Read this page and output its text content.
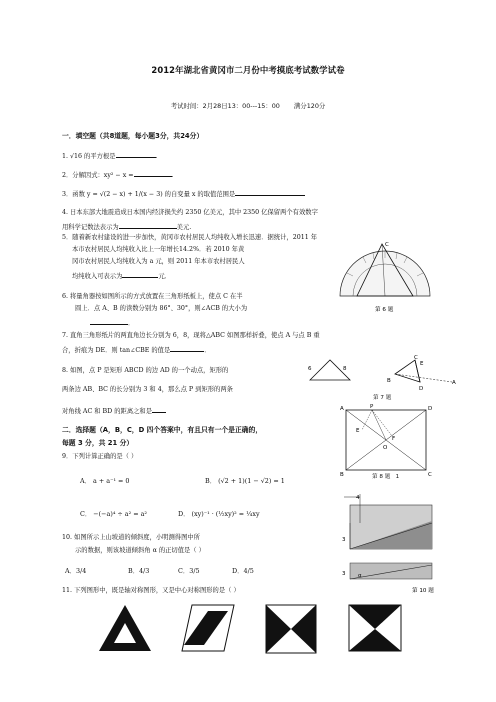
2012年湖北省黄冈市二月份中考摸底考试数学试卷
考试时间：2月28日13：00---15：00 满分120分
一．填空题（共8道题，每小题3分，共24分）
1. √16 的平方根是	.
2．分解因式：xy² − x =	.
3．函数 y = √(2 − x) + 1/(x − 3) 的自变量 x 的取值范围是
4. 日本东部大地震造成日本国内经济损失约 2350 亿美元，其中 2350 亿保留两个有效数字
用科学记数法表示为	美元.
5．随着新农村建设的进一步加快，黄冈市农村居民人均纯收入增长迅速．据统计，2011 年
本市农村居民人均纯收入比上一年增长14.2%．若 2010 年黄
冈市农村居民人均纯收入为 a 元，则 2011 年本市农村居民人
均纯收入可表示为	元．
C
第 6 题
6. 将量角器按如图所示的方式放置在三角形纸板上，使点 C 在半
圆上．点 A、B 的读数分别为 86°、30°，则∠ACB 的大小为
．
7. 直角三角形纸片的两直角边长分别为 6，8，现将△ABC 如图那样折叠，使点 A 与点 B 重
合，折痕为 DE．则 tan∠CBE 的值是	．
6	8
C
E
B
D
A
第 7 题
8. 如图，点 P 是矩形 ABCD 的边 AD 的一个动点，矩形的
两条边 AB、BC 的长分别为 3 和 4，那么点 P 到矩形的两条
对角线 AC 和 BD 的距离之和是	A	P	D
E
F
O
B	C
第 8 题 1
二．选择题（A，B，C，D 四个答案中，有且只有一个是正确的，
每题 3 分，共 21 分）
9．下列计算正确的是（ ）
A． a + a⁻¹ = 0	B． (√2 + 1)(1 − √2) = 1
C． −(−a)⁴ ÷ a² = a²	D． (xy)⁻¹ · (½xy)² = ¼xy
4
3
3 α
第 10 题
10. 如图所示上山坡道的倾斜度，小明测得图中所
示的数据，则该坡道倾斜角 α 的正切值是（ ）
A．3/4	B．4/3	C．3/5	D．4/5
11. 下列图形中，既是轴对称图形，又是中心对称图形的是（ ）
